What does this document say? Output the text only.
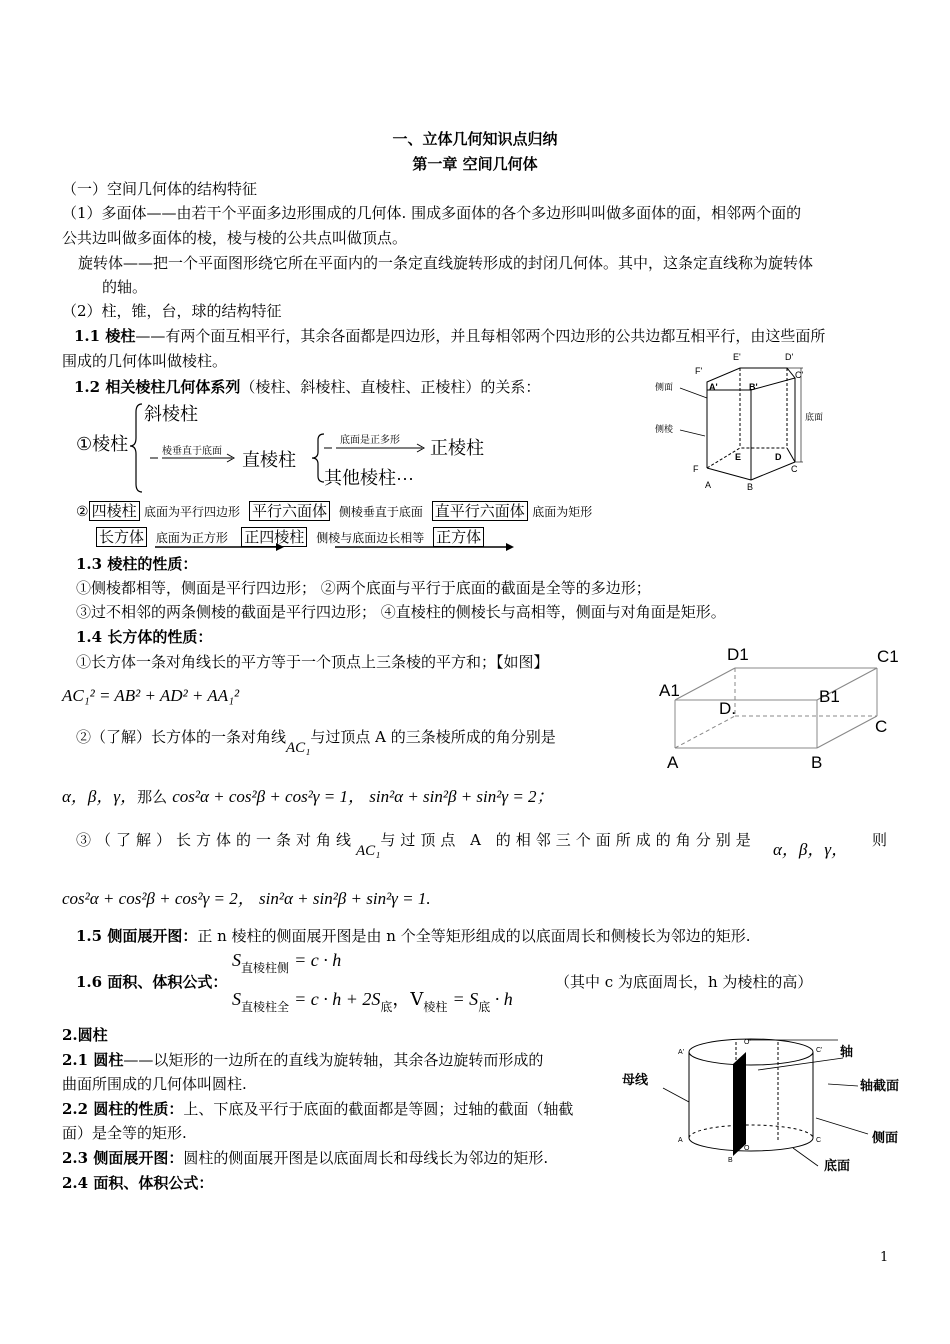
一、立体几何知识点归纳
第一章 空间几何体
（一）空间几何体的结构特征
（1）多面体——由若干个平面多边形围成的几何体. 围成多面体的各个多边形叫叫做多面体的面，相邻两个面的
公共边叫做多面体的棱，棱与棱的公共点叫做顶点。
旋转体——把一个平面图形绕它所在平面内的一条定直线旋转形成的封闭几何体。其中，这条定直线称为旋转体
的轴。
（2）柱，锥，台，球的结构特征
1.1 棱柱——有两个面互相平行，其余各面都是四边形，并且每相邻两个四边形的公共边都互相平行，由这些面所
围成的几何体叫做棱柱。
1.2 相关棱柱几何体系列（棱柱、斜棱柱、直棱柱、正棱柱）的关系：
①棱柱
斜棱柱
棱垂直于底面 直棱柱
底面是正多形 正棱柱
其他棱柱···
② 四棱柱 底面为平行四边形 平行六面体 侧棱垂直于底面 直平行六面体 底面为矩形
长方体 底面为正方形 正四棱柱 侧棱与底面边长相等 正方体
1.3 棱柱的性质：
①侧棱都相等，侧面是平行四边形； ②两个底面与平行于底面的截面是全等的多边形；
③过不相邻的两条侧棱的截面是平行四边形； ④直棱柱的侧棱长与高相等，侧面与对角面是矩形。
1.4 长方体的性质：
①长方体一条对角线长的平方等于一个顶点上三条棱的平方和；【如图】
AC₁² = AB² + AD² + AA₁²
②（了解）长方体的一条对角线AC₁与过顶点 A 的三条棱所成的角分别是
α，β，γ，那么 cos²α + cos²β + cos²γ = 1， sin²α + sin²β + sin²γ = 2；
③（了解）长方体的一条对角线AC₁与过顶点 A 的相邻三个面所成的角分别是 α，β，γ， 则
cos²α + cos²β + cos²γ = 2， sin²α + sin²β + sin²γ = 1.
1.5 侧面展开图：正 n 棱柱的侧面展开图是由 n 个全等矩形组成的以底面周长和侧棱长为邻边的矩形.
1.6 面积、体积公式：
$S_{直棱柱侧} = c \cdot h$
$S_{直棱柱全} = c \cdot h + 2S_底$，$V_{棱柱} = S_底 \cdot h$
（其中 c 为底面周长，h 为棱柱的高）
2.圆柱
2.1 圆柱——以矩形的一边所在的直线为旋转轴，其余各边旋转而形成的
曲面所围成的几何体叫圆柱.
2.2 圆柱的性质：上、下底及平行于底面的截面都是等圆；过轴的截面（轴截
面）是全等的矩形.
2.3 侧面展开图：圆柱的侧面展开图是以底面周长和母线长为邻边的矩形.
2.4 面积、体积公式：
1
侧面
侧棱
底面
E'	D'
F'	C'
A'	B'
F
E	D
C
A	B
D1	C1
A1	B1
D.
C
A	B
轴
母线	轴截面
侧面
底面
A'
O'
C'
A	C
O
B
B'
